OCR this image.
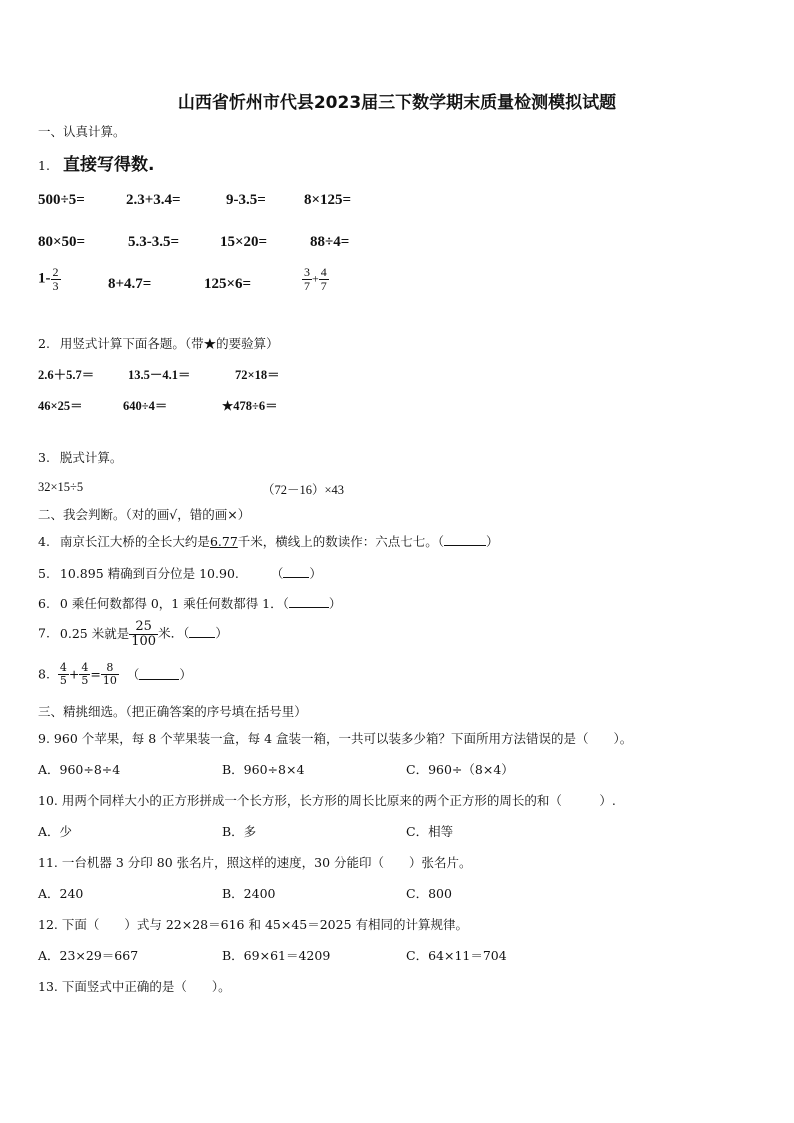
山西省忻州市代县2023届三下数学期末质量检测模拟试题
一、认真计算。
1. 直接写得数.
500÷5=	2.3+3.4=	9-3.5=	8×125=
80×50=	5.3-3.5=	15×20=	88÷4=
$1- \frac{2}{3}$	8+4.7=	125×6=	$\frac{3}{7} + \frac{4}{7}$
2. 用竖式计算下面各题。（带★的要验算）
2.6＋5.7＝	13.5－4.1＝	72×18＝
46×25＝	640÷4＝	★478÷6＝
3. 脱式计算。
32×15÷5	（72－16）×43
二、我会判断。（对的画√，错的画×）
4. 南京长江大桥的全长大约是6.77千米，横线上的数读作：六点七七。（	）
5. 10.895 精确到百分位是 10.90.	（ ）
6. 0 乘任何数都得 0，1 乘任何数都得 1．（	）
7. 0.25 米就是 $\frac{25}{100}$ 米．（ ）
8. $\frac{4}{5} + \frac{4}{5} = \frac{8}{10}$ （	）
三、精挑细选。（把正确答案的序号填在括号里）
9. 960 个苹果，每 8 个苹果装一盒，每 4 盒装一箱，一共可以装多少箱？下面所用方法错误的是（　　）。
A．960÷8÷4	B．960÷8×4	C．960÷（8×4）
10. 用两个同样大小的正方形拼成一个长方形，长方形的周长比原来的两个正方形的周长的和（　　　）.
A．少	B．多	C．相等
11. 一台机器 3 分印 80 张名片，照这样的速度，30 分能印（　　）张名片。
A．240	B．2400	C．800
12. 下面（　　）式与 22×28＝616 和 45×45＝2025 有相同的计算规律。
A．23×29＝667	B．69×61＝4209	C．64×11＝704
13. 下面竖式中正确的是（　　）。
